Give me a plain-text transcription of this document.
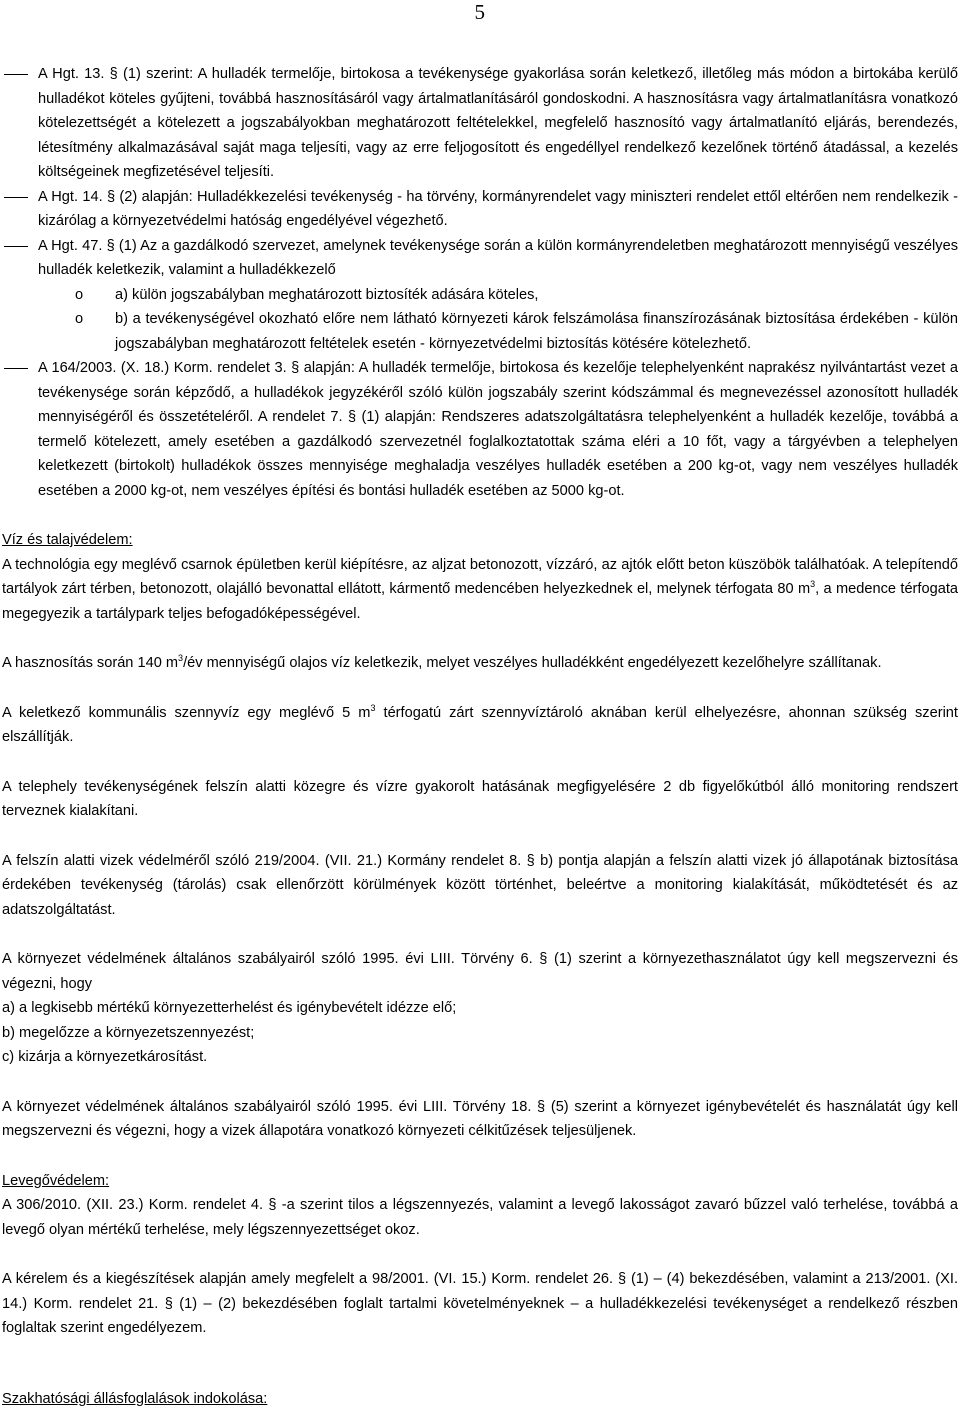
5
A Hgt. 13. § (1) szerint: A hulladék termelője, birtokosa a tevékenysége gyakorlása során keletkező, illetőleg más módon a birtokába kerülő hulladékot köteles gyűjteni, továbbá hasznosításáról vagy ártalmatlanításáról gondoskodni. A hasznosításra vagy ártalmatlanításra vonatkozó kötelezettségét a kötelezett a jogszabályokban meghatározott feltételekkel, megfelelő hasznosító vagy ártalmatlanító eljárás, berendezés, létesítmény alkalmazásával saját maga teljesíti, vagy az erre feljogosított és engedéllyel rendelkező kezelőnek történő átadással, a kezelés költségeinek megfizetésével teljesíti.
A Hgt. 14. § (2) alapján: Hulladékkezelési tevékenység - ha törvény, kormányrendelet vagy miniszteri rendelet ettől eltérően nem rendelkezik - kizárólag a környezetvédelmi hatóság engedélyével végezhető.
A Hgt. 47. § (1) Az a gazdálkodó szervezet, amelynek tevékenysége során a külön kormányrendeletben meghatározott mennyiségű veszélyes hulladék keletkezik, valamint a hulladékkezelő
o a) külön jogszabályban meghatározott biztosíték adására köteles,
o b) a tevékenységével okozható előre nem látható környezeti károk felszámolása finanszírozásának biztosítása érdekében - külön jogszabályban meghatározott feltételek esetén - környezetvédelmi biztosítás kötésére kötelezhető.
A 164/2003. (X. 18.) Korm. rendelet 3. § alapján: A hulladék termelője, birtokosa és kezelője telephelyenként naprakész nyilvántartást vezet a tevékenysége során képződő, a hulladékok jegyzékéről szóló külön jogszabály szerint kódszámmal és megnevezéssel azonosított hulladék mennyiségéről és összetételéről. A rendelet 7. § (1) alapján: Rendszeres adatszolgáltatásra telephelyenként a hulladék kezelője, továbbá a termelő kötelezett, amely esetében a gazdálkodó szervezetnél foglalkoztatottak száma eléri a 10 főt, vagy a tárgyévben a telephelyen keletkezett (birtokolt) hulladékok összes mennyisége meghaladja veszélyes hulladék esetében a 200 kg-ot, vagy nem veszélyes hulladék esetében a 2000 kg-ot, nem veszélyes építési és bontási hulladék esetében az 5000 kg-ot.
Víz és talajvédelem:

A technológia egy meglévő csarnok épületben kerül kiépítésre, az aljzat betonozott, vízzáró, az ajtók előtt beton küszöbök találhatóak. A telepítendő tartályok zárt térben, betonozott, olajálló bevonattal ellátott, kármentő medencében helyezkednek el, melynek térfogata 80 $m^3$, a medence térfogata megegyezik a tartálypark teljes befogadóképességével.

A hasznosítás során 140 $m^3/év$ mennyiségű olajos víz keletkezik, melyet veszélyes hulladékként engedélyezett kezelőhelyre szállítanak.

A keletkező kommunális szennyvíz egy meglévő 5 $m^3$ térfogatú zárt szennyvíztároló aknában kerül elhelyezésre, ahonnan szükség szerint elszállítják.

A telephely tevékenységének felszín alatti közegre és vízre gyakorolt hatásának megfigyelésére 2 db figyelőkútból álló monitoring rendszert terveznek kialakítani.

A felszín alatti vizek védelméről szóló 219/2004. (VII. 21.) Kormány rendelet 8. § b) pontja alapján a felszín alatti vizek jó állapotának biztosítása érdekében tevékenység (tárolás) csak ellenőrzött körülmények között történhet, beleértve a monitoring kialakítását, működtetését és az adatszolgáltatást.

A környezet védelmének általános szabályairól szóló 1995. évi LIII. Törvény 6. § (1) szerint a környezethasználatot úgy kell megszervezni és végezni, hogy

a) a legkisebb mértékű környezetterhelést és igénybevételt idézze elő;

b) megelőzze a környezetszennyezést;

c) kizárja a környezetkárosítást.

A környezet védelmének általános szabályairól szóló 1995. évi LIII. Törvény 18. § (5) szerint a környezet igénybevételét és használatát úgy kell megszervezni és végezni, hogy a vizek állapotára vonatkozó környezeti célkitűzések teljesüljenek.

Levegővédelem:

A 306/2010. (XII. 23.) Korm. rendelet 4. § -a szerint tilos a légszennyezés, valamint a levegő lakosságot zavaró bűzzel való terhelése, továbbá a levegő olyan mértékű terhelése, mely légszennyezettséget okoz.

A kérelem és a kiegészítések alapján amely megfelelt a 98/2001. (VI. 15.) Korm. rendelet 26. § (1) – (4) bekezdésében, valamint a 213/2001. (XI. 14.) Korm. rendelet 21. § (1) – (2) bekezdésében foglalt tartalmi követelményeknek – a hulladékkezelési tevékenységet a rendelkező részben foglaltak szerint engedélyezem.

Szakhatósági állásfoglalások indokolása:
